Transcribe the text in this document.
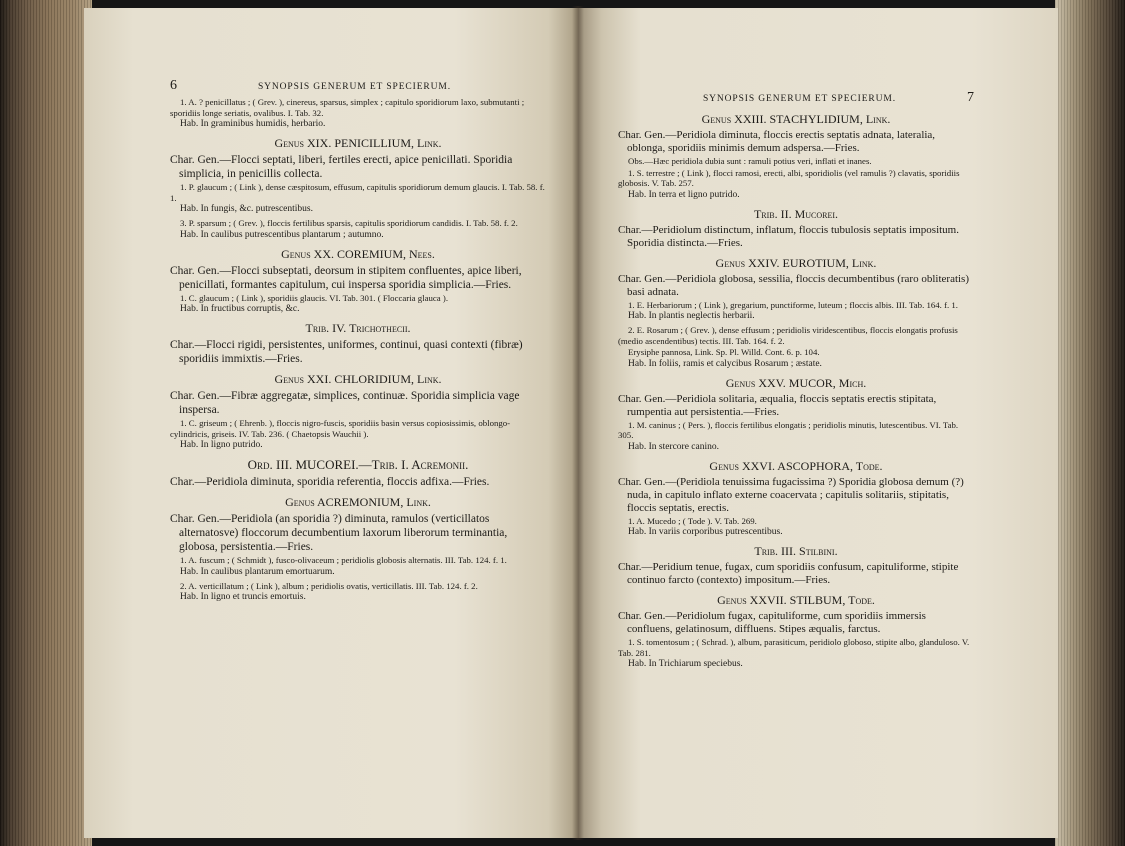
6	SYNOPSIS GENERUM ET SPECIERUM.

1. A. ? penicillatus ; ( Grev. ), cinereus, sparsus, simplex ; capitulo sporidiorum laxo, submutanti ; sporidiis longe seriatis, ovalibus. I. Tab. 32.

Hab. In graminibus humidis, herbario.

Genus XIX. PENICILLIUM, Link.

Char. Gen.—Flocci septati, liberi, fertiles erecti, apice penicillati. Sporidia simplicia, in penicillis collecta.

1. P. glaucum ; ( Link ), dense cæspitosum, effusum, capitulis sporidiorum demum glaucis. I. Tab. 58. f. 1.

Hab. In fungis, &c. putrescentibus.

3. P. sparsum ; ( Grev. ), floccis fertilibus sparsis, capitulis sporidiorum candidis. I. Tab. 58. f. 2.

Hab. In caulibus putrescentibus plantarum ; autumno.

Genus XX. COREMIUM, Nees.

Char. Gen.—Flocci subseptati, deorsum in stipitem confluentes, apice liberi, penicillati, formantes capitulum, cui inspersa sporidia simplicia.—Fries.

1. C. glaucum ; ( Link ), sporidiis glaucis. VI. Tab. 301. ( Floccaria glauca ).

Hab. In fructibus corruptis, &c.

Trib. IV. Trichothecii.

Char.—Flocci rigidi, persistentes, uniformes, continui, quasi contexti (fibræ) sporidiis immixtis.—Fries.

Genus XXI. CHLORIDIUM, Link.

Char. Gen.—Fibræ aggregatæ, simplices, continuæ. Sporidia simplicia vage inspersa.

1. C. griseum ; ( Ehrenb. ), floccis nigro-fuscis, sporidiis basin versus copiosissimis, oblongo-cylindricis, griseis. IV. Tab. 236. ( Chaetopsis Wauchii ).

Hab. In ligno putrido.

Ord. III. MUCOREI.—Trib. I. Acremonii.

Char.—Peridiola diminuta, sporidia referentia, floccis adfixa.—Fries.

Genus ACREMONIUM, Link.

Char. Gen.—Peridiola (an sporidia ?) diminuta, ramulos (verticillatos alternatosve) floccorum decumbentium laxorum liberorum terminantia, globosa, persistentia.—Fries.

1. A. fuscum ; ( Schmidt ), fusco-olivaceum ; peridiolis globosis alternatis. III. Tab. 124. f. 1.

Hab. In caulibus plantarum emortuarum.

2. A. verticillatum ; ( Link ), album ; peridiolis ovatis, verticillatis. III. Tab. 124. f. 2.

Hab. In ligno et truncis emortuis.

SYNOPSIS GENERUM ET SPECIERUM.	7
Genus XXIII. STACHYLIDIUM, Link.

Char. Gen.—Peridiola diminuta, floccis erectis septatis adnata, lateralia, oblonga, sporidiis minimis demum adspersa.—Fries.

Obs.—Hæc peridiola dubia sunt : ramuli potius veri, inflati et inanes.

1. S. terrestre ; ( Link ), flocci ramosi, erecti, albi, sporidiolis (vel ramulis ?) clavatis, sporidiis globosis. V. Tab. 257.

Hab. In terra et ligno putrido.

Trib. II. Mucorei.

Char.—Peridiolum distinctum, inflatum, floccis tubulosis septatis impositum. Sporidia distincta.—Fries.

Genus XXIV. EUROTIUM, Link.

Char. Gen.—Peridiola globosa, sessilia, floccis decumbentibus (raro obliteratis) basi adnata.

1. E. Herbariorum ; ( Link ), gregarium, punctiforme, luteum ; floccis albis. III. Tab. 164. f. 1.

Hab. In plantis neglectis herbarii.

2. E. Rosarum ; ( Grev. ), dense effusum ; peridiolis viridescentibus, floccis elongatis profusis (medio ascendentibus) tectis. III. Tab. 164. f. 2.

Erysiphe pannosa, Link. Sp. Pl. Willd. Cont. 6. p. 104.

Hab. In foliis, ramis et calycibus Rosarum ; æstate.

Genus XXV. MUCOR, Mich.

Char. Gen.—Peridiola solitaria, æqualia, floccis septatis erectis stipitata, rumpentia aut persistentia.—Fries.

1. M. caninus ; ( Pers. ), floccis fertilibus elongatis ; peridiolis minutis, lutescentibus. VI. Tab. 305.

Hab. In stercore canino.

Genus XXVI. ASCOPHORA, Tode.

Char. Gen.—(Peridiola tenuissima fugacissima ?) Sporidia globosa demum (?) nuda, in capitulo inflato externe coacervata ; capitulis solitariis, stipitatis, floccis septatis, erectis.

1. A. Mucedo ; ( Tode ). V. Tab. 269.

Hab. In variis corporibus putrescentibus.

Trib. III. Stilbini.

Char.—Peridium tenue, fugax, cum sporidiis confusum, capituliforme, stipite continuo farcto (contexto) impositum.—Fries.

Genus XXVII. STILBUM, Tode.

Char. Gen.—Peridiolum fugax, capituliforme, cum sporidiis immersis confluens, gelatinosum, diffluens. Stipes æqualis, farctus.

1. S. tomentosum ; ( Schrad. ), album, parasiticum, peridiolo globoso, stipite albo, glanduloso. V. Tab. 281.

Hab. In Trichiarum speciebus.
